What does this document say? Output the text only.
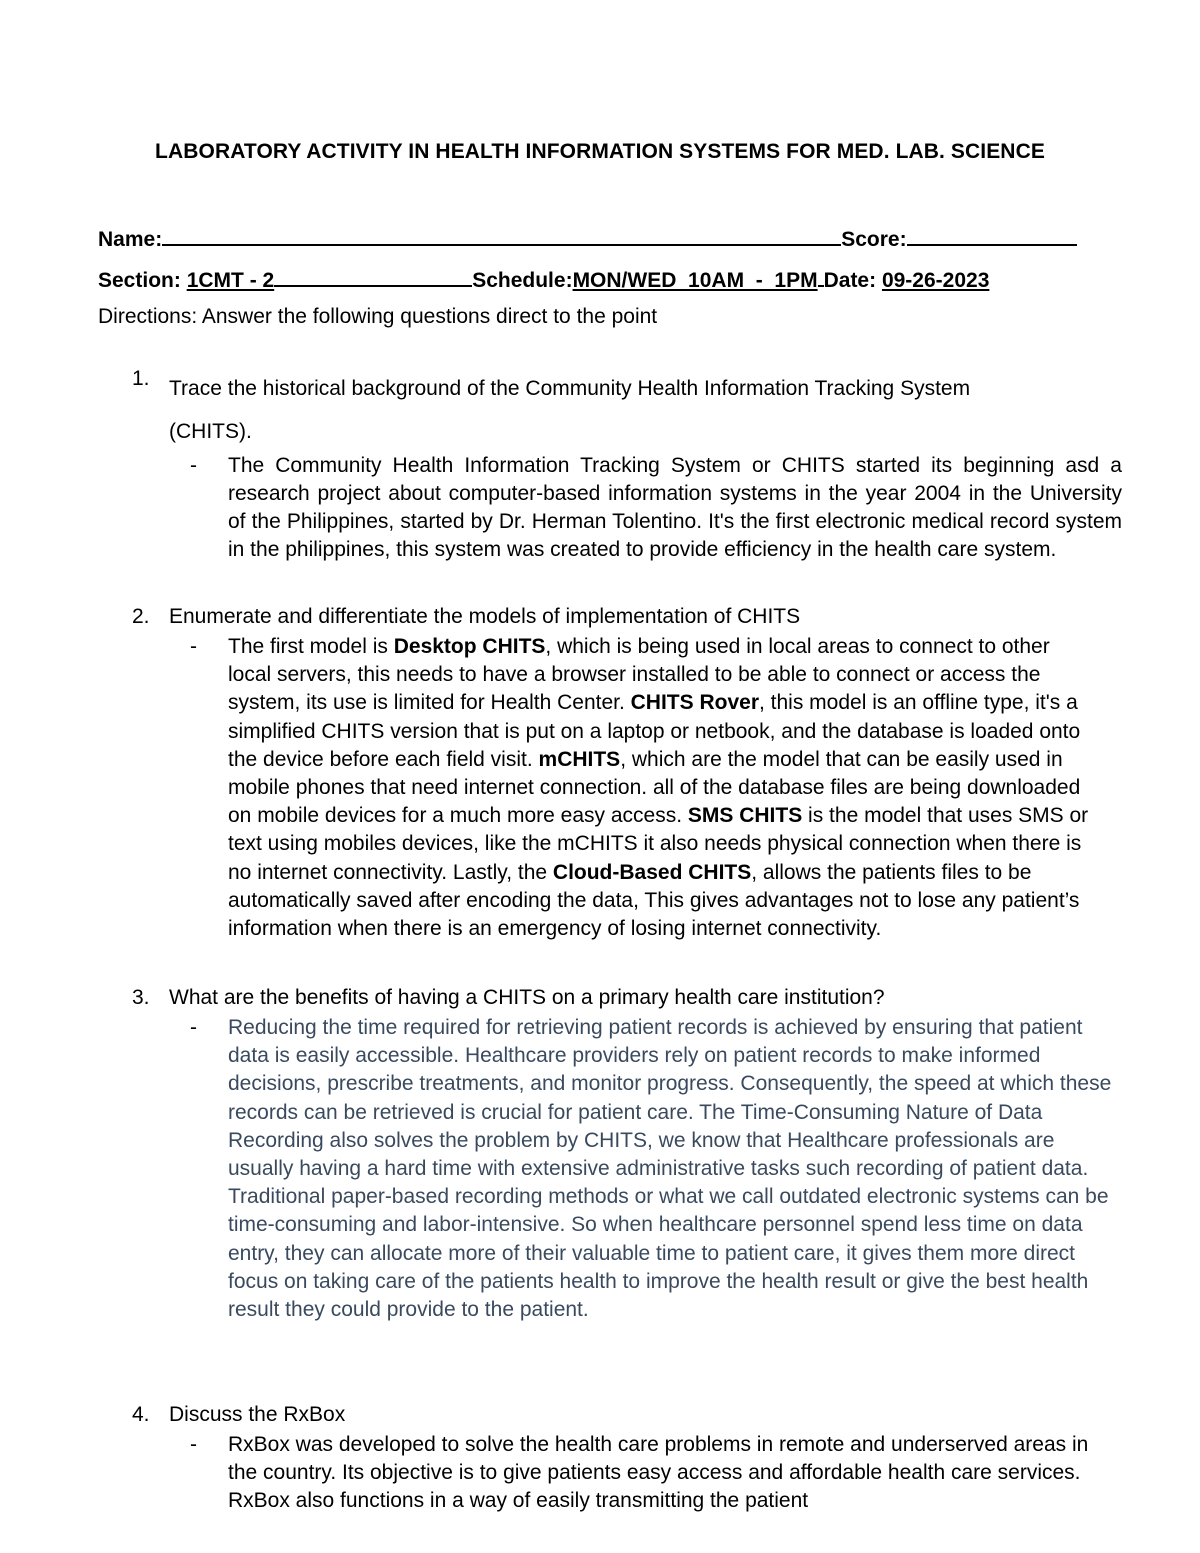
LABORATORY ACTIVITY IN HEALTH INFORMATION SYSTEMS FOR MED. LAB. SCIENCE
Name:	Score:
Section: 1CMT - 2	Schedule:MON/WED  10AM  -  1PM Date: 09-26-2023
Directions: Answer the following questions direct to the point
1. Trace the historical background of the Community Health Information Tracking System
(CHITS).
- The Community Health Information Tracking System or CHITS started its beginning asd a research project about computer-based information systems in the year 2004 in the University of the Philippines, started by Dr. Herman Tolentino. It's the first electronic medical record system in the philippines, this system was created to provide efficiency in the health care system.
2. Enumerate and differentiate the models of implementation of CHITS
- The first model is Desktop CHITS, which is being used in local areas to connect to other local servers, this needs to have a browser installed to be able to connect or access the system, its use is limited for Health Center. CHITS Rover, this model is an offline type, it's a simplified CHITS version that is put on a laptop or netbook, and the database is loaded onto the device before each field visit. mCHITS, which are the model that can be easily used in mobile phones that need internet connection. all of the database files are being downloaded on mobile devices for a much more easy access. SMS CHITS is the model that uses SMS or text using mobiles devices, like the mCHITS it also needs physical connection when there is no internet connectivity. Lastly, the Cloud-Based CHITS, allows the patients files to be automatically saved after encoding the data, This gives advantages not to lose any patient’s information when there is an emergency of losing internet connectivity.
3. What are the benefits of having a CHITS on a primary health care institution?
- Reducing the time required for retrieving patient records is achieved by ensuring that patient data is easily accessible. Healthcare providers rely on patient records to make informed decisions, prescribe treatments, and monitor progress. Consequently, the speed at which these records can be retrieved is crucial for patient care. The Time-Consuming Nature of Data Recording also solves the problem by CHITS, we know that Healthcare professionals are usually having a hard time with extensive administrative tasks such recording of patient data. Traditional paper-based recording methods or what we call outdated electronic systems can be time-consuming and labor-intensive. So when healthcare personnel spend less time on data entry, they can allocate more of their valuable time to patient care, it gives them more direct focus on taking care of the patients health to improve the health result or give the best health result they could provide to the patient.
4. Discuss the RxBox
- RxBox was developed to solve the health care problems in remote and underserved areas in the country. Its objective is to give patients easy access and affordable health care services. RxBox also functions in a way of easily transmitting the patient
